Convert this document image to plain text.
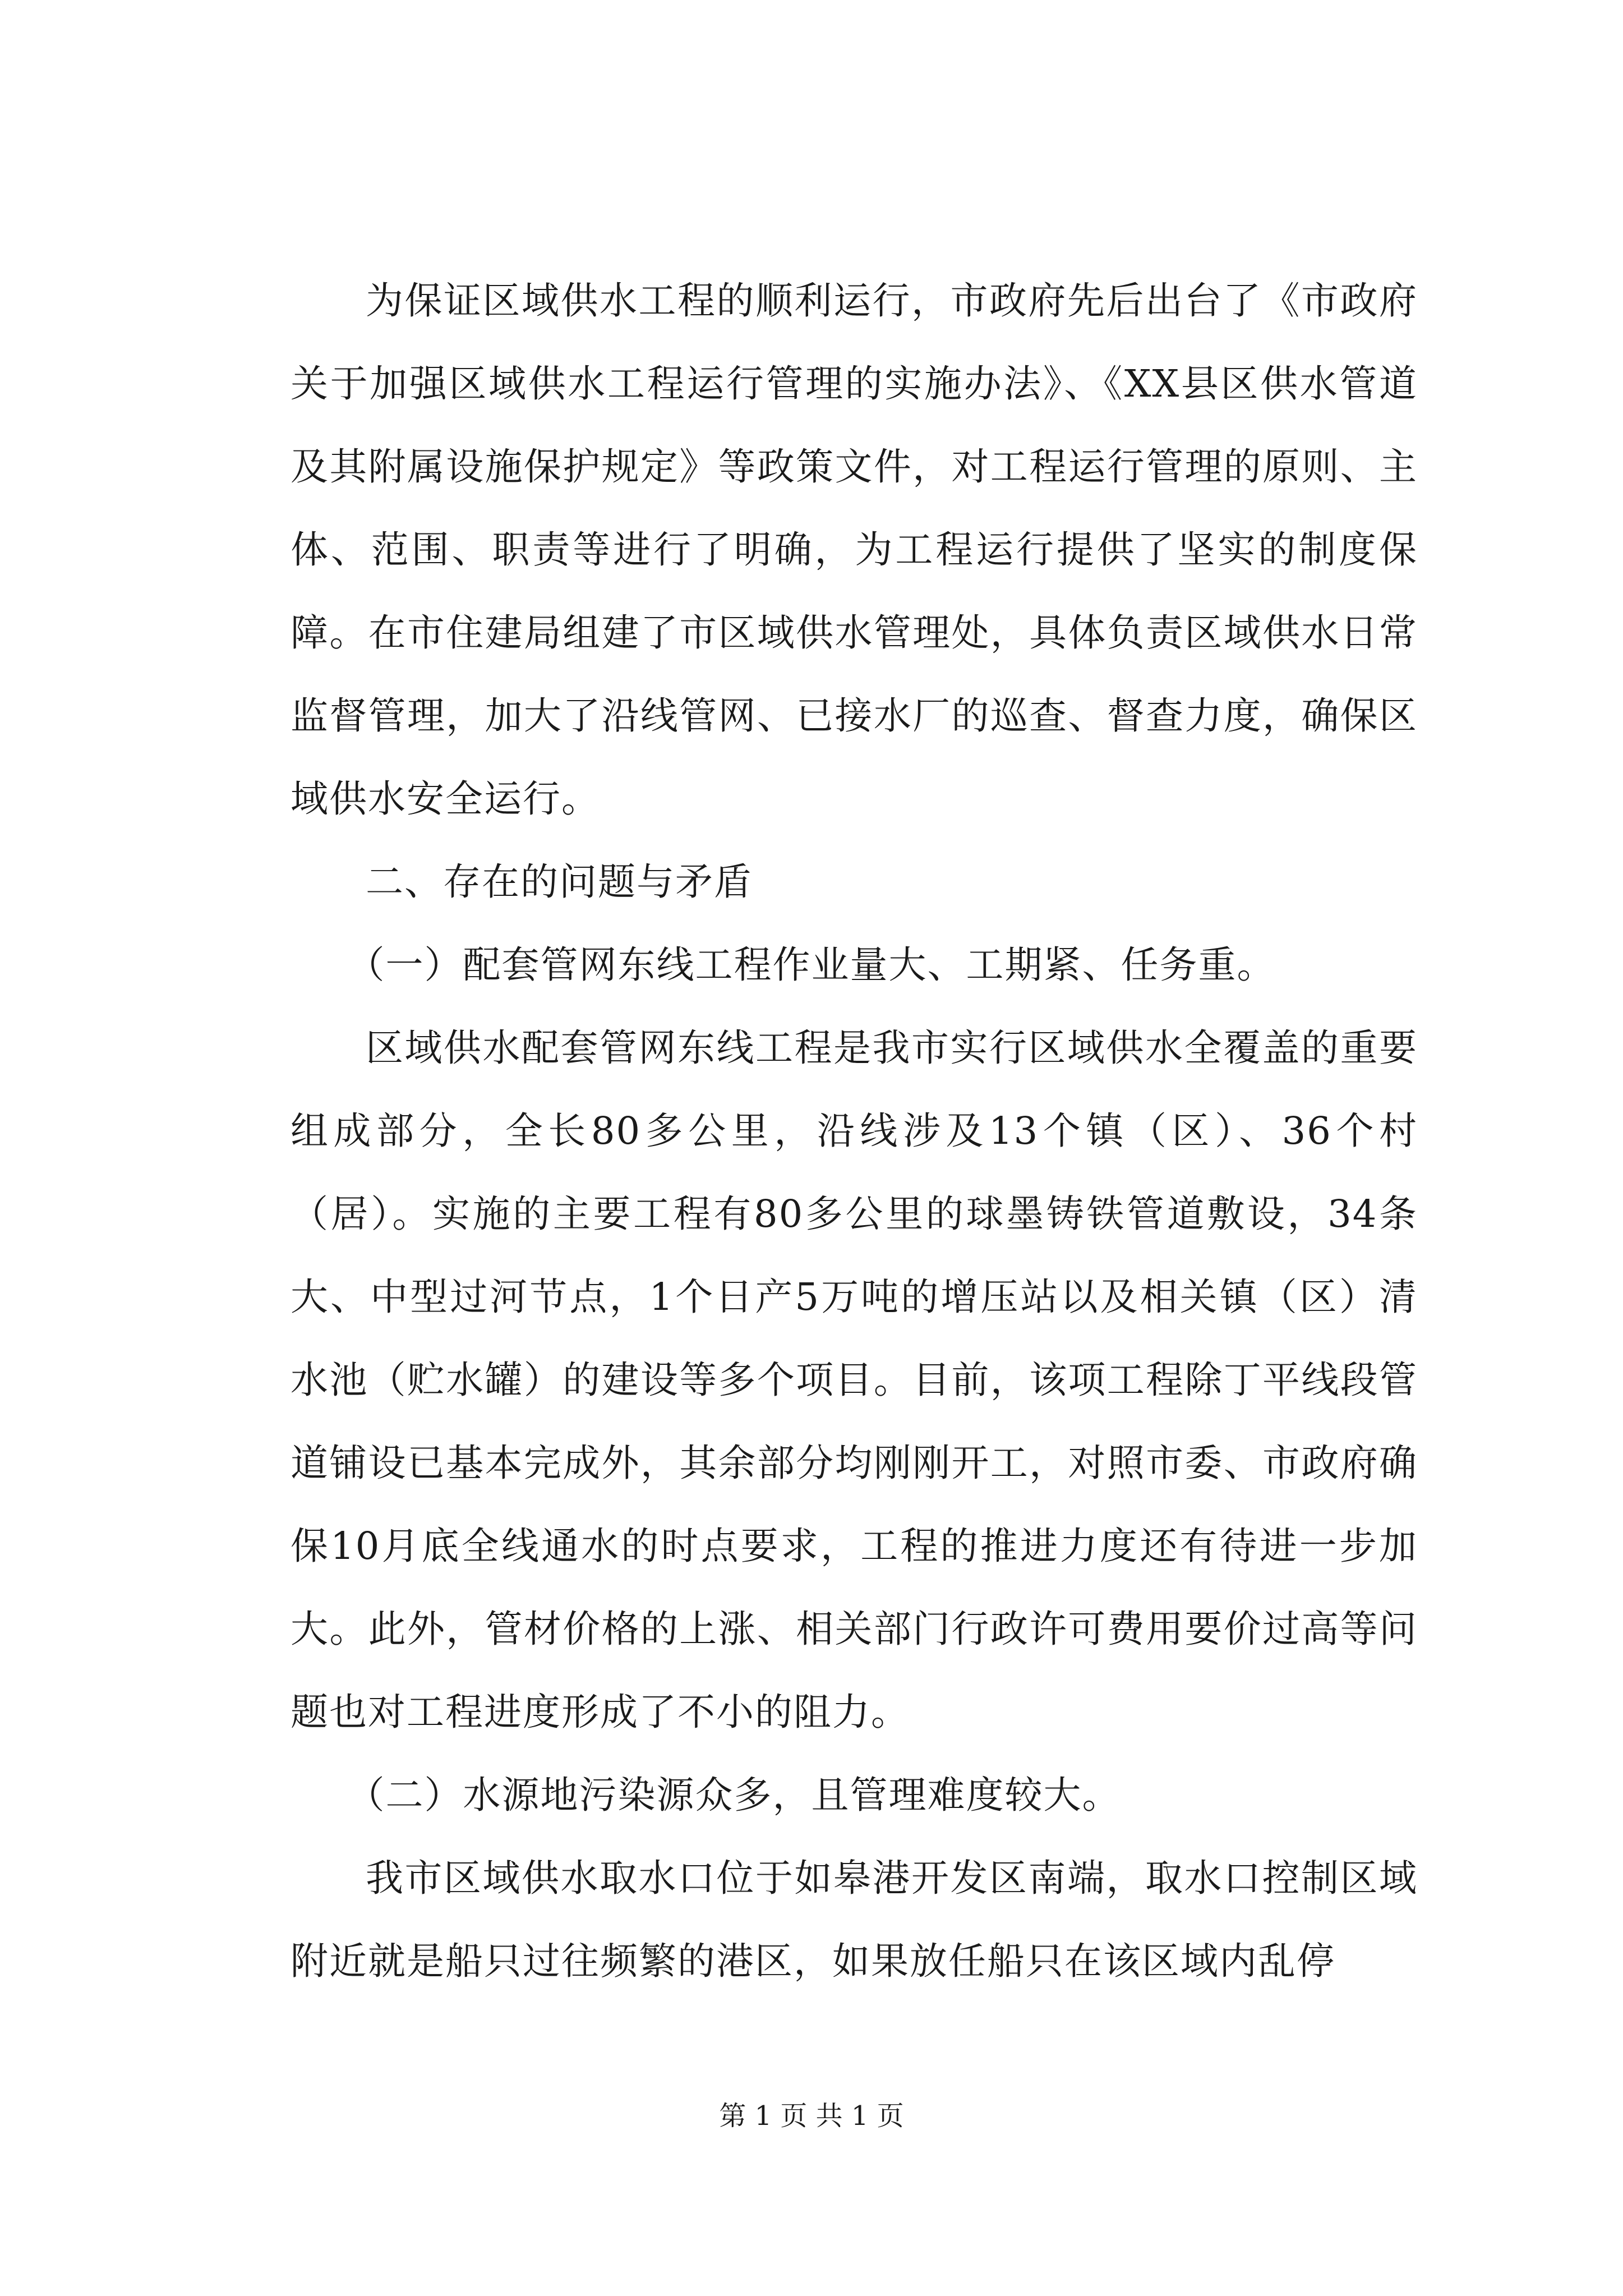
为保证区域供水工程的顺利运行，市政府先后出台了《市政府关于加强区域供水工程运行管理的实施办法》、《XX县区供水管道及其附属设施保护规定》等政策文件，对工程运行管理的原则、主体、范围、职责等进行了明确，为工程运行提供了坚实的制度保障。在市住建局组建了市区域供水管理处，具体负责区域供水日常监督管理，加大了沿线管网、已接水厂的巡查、督查力度，确保区域供水安全运行。

二、存在的问题与矛盾

（一）配套管网东线工程作业量大、工期紧、任务重。

区域供水配套管网东线工程是我市实行区域供水全覆盖的重要组成部分，全长80多公里，沿线涉及13个镇（区）、36个村（居）。实施的主要工程有80多公里的球墨铸铁管道敷设，34条大、中型过河节点，1个日产5万吨的增压站以及相关镇（区）清水池（贮水罐）的建设等多个项目。目前，该项工程除丁平线段管道铺设已基本完成外，其余部分均刚刚开工，对照市委、市政府确保10月底全线通水的时点要求，工程的推进力度还有待进一步加大。此外，管材价格的上涨、相关部门行政许可费用要价过高等问题也对工程进度形成了不小的阻力。

（二）水源地污染源众多，且管理难度较大。

我市区域供水取水口位于如皋港开发区南端，取水口控制区域附近就是船只过往频繁的港区，如果放任船只在该区域内乱停

第 1 页 共 1 页
